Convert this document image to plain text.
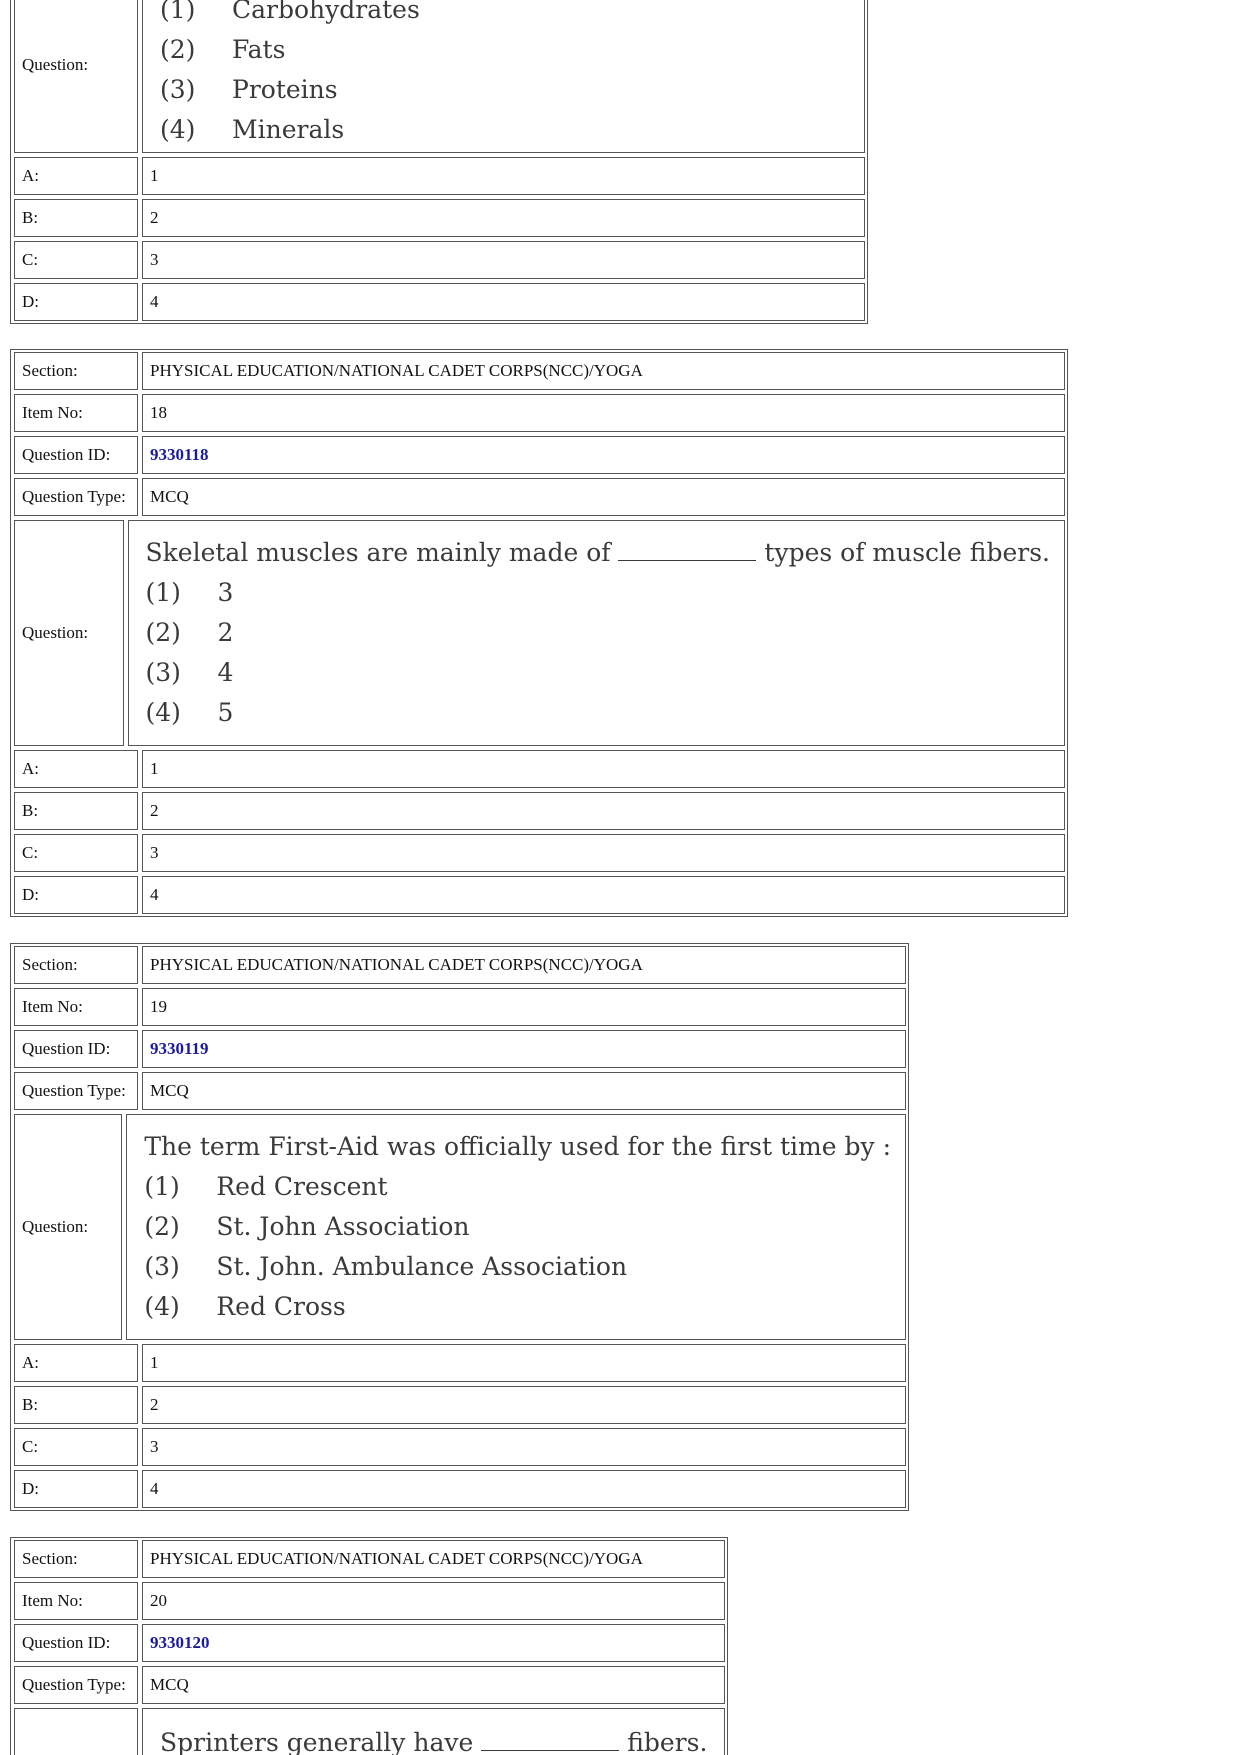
Question:
(1)	Carbohydrates
(2)	Fats
(3)	Proteins
(4)	Minerals
A:	1
B:	2
C:	3
D:	4
Section:	PHYSICAL EDUCATION/NATIONAL CADET CORPS(NCC)/YOGA
Item No:	18
Question ID:	9330118
Question Type:	MCQ
Question:
Skeletal muscles are mainly made of	types of muscle fibers.
(1)	3
(2)	2
(3)	4
(4)	5
A:	1
B:	2
C:	3
D:	4
Section:	PHYSICAL EDUCATION/NATIONAL CADET CORPS(NCC)/YOGA
Item No:	19
Question ID:	9330119
Question Type:	MCQ
Question:
The term First-Aid was officially used for the first time by :
(1)	Red Crescent
(2)	St. John Association
(3)	St. John. Ambulance Association
(4)	Red Cross
A:	1
B:	2
C:	3
D:	4
Section:	PHYSICAL EDUCATION/NATIONAL CADET CORPS(NCC)/YOGA
Item No:	20
Question ID:	9330120
Question Type:	MCQ
Sprinters generally have	fibers.
